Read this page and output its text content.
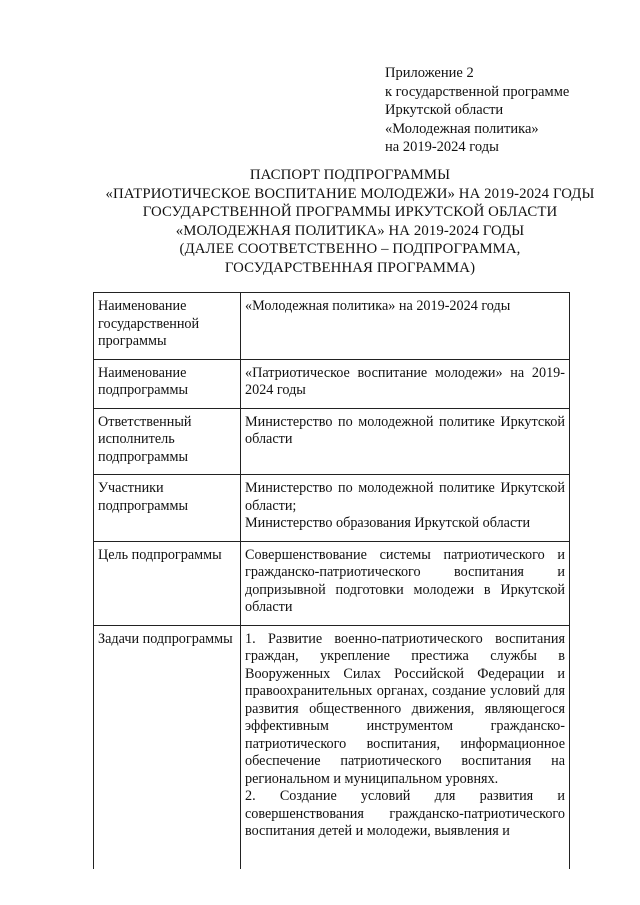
Приложение 2
к государственной программе
Иркутской области
«Молодежная политика»
на 2019-2024 годы
ПАСПОРТ ПОДПРОГРАММЫ
«ПАТРИОТИЧЕСКОЕ ВОСПИТАНИЕ МОЛОДЕЖИ» НА 2019-2024 ГОДЫ
ГОСУДАРСТВЕННОЙ ПРОГРАММЫ ИРКУТСКОЙ ОБЛАСТИ
«МОЛОДЕЖНАЯ ПОЛИТИКА» НА 2019-2024 ГОДЫ
(ДАЛЕЕ СООТВЕТСТВЕННО – ПОДПРОГРАММА,
ГОСУДАРСТВЕННАЯ ПРОГРАММА)
Наименование государственной программы	«Молодежная политика» на 2019-2024 годы
Наименование подпрограммы	«Патриотическое воспитание молодежи» на 2019-2024 годы
Ответственный исполнитель подпрограммы	Министерство по молодежной политике Иркутской области
Участники подпрограммы	Министерство по молодежной политике Иркутской области;
Министерство образования Иркутской области

Цель подпрограммы	Совершенствование системы патриотического и гражданско-патриотического воспитания и допризывной подготовки молодежи в Иркутской области
Задачи подпрограммы	1. Развитие военно-патриотического воспитания граждан, укрепление престижа службы в Вооруженных Силах Российской Федерации и правоохранительных органах, создание условий для развития общественного движения, являющегося эффективным инструментом гражданско-патриотического воспитания, информационное обеспечение патриотического воспитания на региональном и муниципальном уровнях.
2. Создание условий для развития и совершенствования гражданско-патриотического воспитания детей и молодежи, выявления и
